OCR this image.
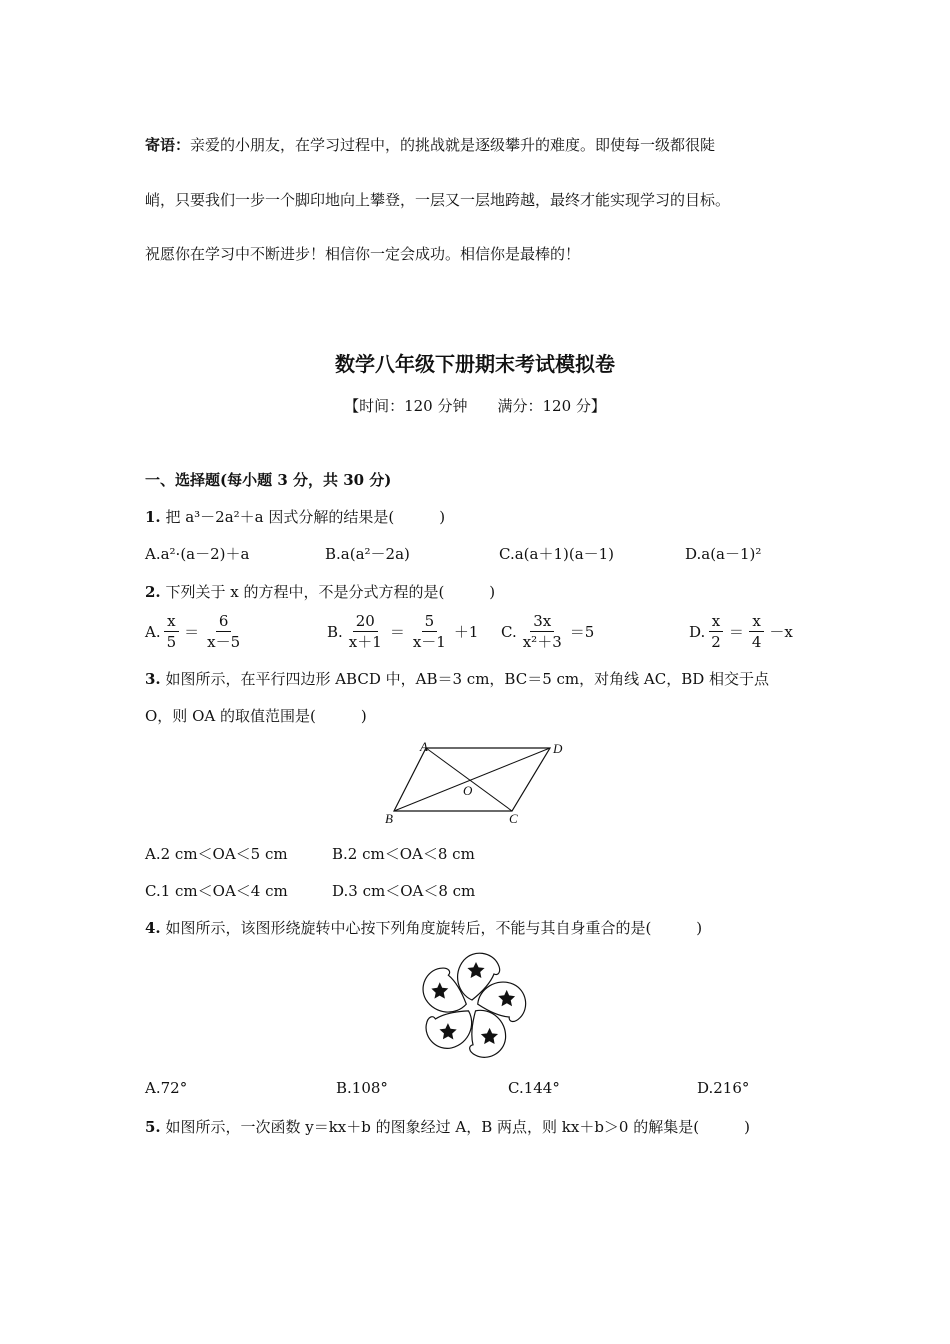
寄语：亲爱的小朋友，在学习过程中，的挑战就是逐级攀升的难度。即使每一级都很陡
峭，只要我们一步一个脚印地向上攀登，一层又一层地跨越，最终才能实现学习的目标。
祝愿你在学习中不断进步！相信你一定会成功。相信你是最棒的！
数学八年级下册期末考试模拟卷
【时间：120 分钟　　满分：120 分】
一、选择题(每小题 3 分，共 30 分)
1. 把 a³－2a²＋a 因式分解的结果是(　　　)
A.a²·(a－2)＋a	B.a(a²－2a)	C.a(a＋1)(a－1)	D.a(a－1)²
2. 下列关于 x 的方程中，不是分式方程的是(　　　)
A. $\frac{x}{5} = \frac{6}{x-5}$	B. $\frac{20}{x+1} = \frac{5}{x-1} +1$ C. $\frac{3x}{\text{x²＋3}} =5$	D. $\frac{x}{2} = \frac{x}{4} -x$
3. 如图所示，在平行四边形 ABCD 中，AB＝3 cm，BC＝5 cm，对角线 AC，BD 相交于点
O，则 OA 的取值范围是(　　　)
A	D
B	C
O
A.2 cm＜OA＜5 cm	B.2 cm＜OA＜8 cm
C.1 cm＜OA＜4 cm	D.3 cm＜OA＜8 cm
4. 如图所示，该图形绕旋转中心按下列角度旋转后，不能与其自身重合的是(　　　)
A.72°	B.108°	C.144°	D.216°
5. 如图所示，一次函数 y＝kx＋b 的图象经过 A，B 两点，则 kx＋b＞0 的解集是(　　　)
